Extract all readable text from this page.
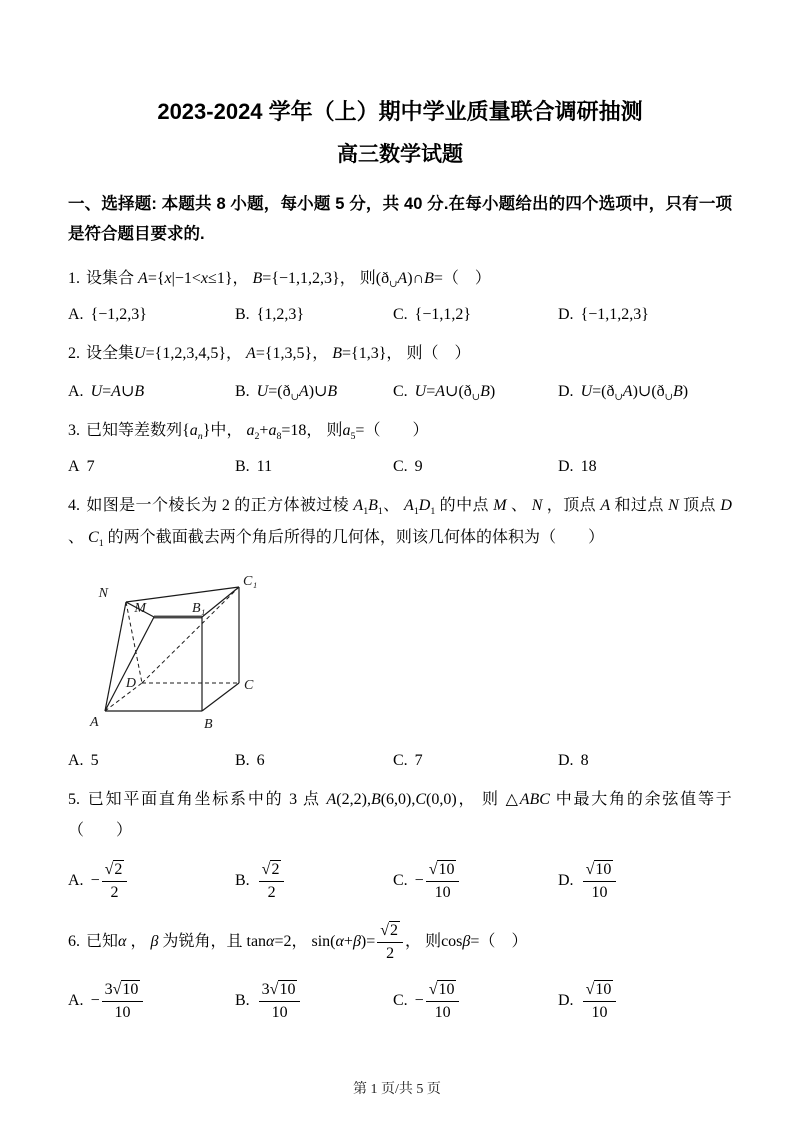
2023-2024 学年（上）期中学业质量联合调研抽测
高三数学试题

一、选择题: 本题共 8 小题，每小题 5 分，共 40 分.在每小题给出的四个选项中，只有一项是符合题目要求的.

1. 设集合 A={x|−1<x≤1}， B={−1,1,2,3}， 则$(ð_\cup A)\cap B=$（　 ）

A. {−1,2,3}	B. {1,2,3}	C. {−1,1,2}	D. {−1,1,2,3}

2. 设全集U={1,2,3,4,5}， A={1,3,5}， B={1,3}， 则（　 ）

A. U=A∪B	B. $U=(ð_\cup A)\cup B$	C. $U=A\cup(ð_\cup B)$	D. $U=(ð_\cup A)\cup(ð_\cup B)$

3. 已知等差数列$\{a_n\}$中， $a_2+a_8=18$， 则$a_5=$（　　 ）

A 7	B. 11	C. 9	D. 18

4. 如图是一个棱长为 2 的正方体被过棱 $A_1B_1$、 $A_1D_1$ 的中点 M 、 N ，顶点 A 和过点 N 顶点 D 、 $C_1$ 的两个截面截去两个角后所得的几何体，则该几何体的体积为（　　 ）

N
C₁
M	B₁
D	C
A	B
A. 5	B. 6	C. 7	D. 8

5. 已知平面直角坐标系中的 3 点 A(2,2),B(6,0),C(0,0)， 则 △ABC 中最大角的余弦值等于（　　 ）

A. − $\frac{√2}{2}$	B. $\frac{√2}{2}$	C. − $\frac{√10}{10}$	D. $\frac{√10}{10}$

6. 已知α ， β 为锐角，且 tanα=2， $\sin(\alpha+\beta)= \frac{√2}{2}$ ， 则cosβ=（　 ）

A. − $\frac{3√10}{10}$	B. $\frac{3√10}{10}$	C. − $\frac{√10}{10}$	D. $\frac{√10}{10}$
第 1 页/共 5 页
